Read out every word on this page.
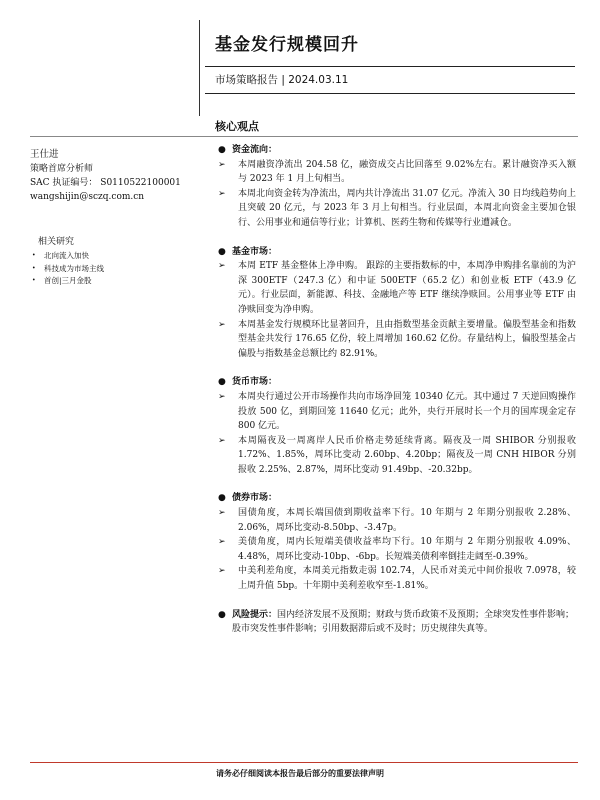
基金发行规模回升
市场策略报告 | 2024.03.11
核心观点
王仕进
策略首席分析师
SAC 执证编号： S0110522100001
wangshijin@sczq.com.cn
相关研究
•	北向流入加快
•	科技成为市场主线
•	首创|三月金股
● 资金流向：
➢	本周融资净流出 204.58 亿，融资成交占比回落至 9.02%左右。累计融资净买入额与 2023 年 1 月上旬相当。
➢	本周北向资金转为净流出，周内共计净流出 31.07 亿元。净流入 30 日均线趋势向上且突破 20 亿元，与 2023 年 3 月上旬相当。行业层面，本周北向资金主要加仓银行、公用事业和通信等行业；计算机、医药生物和传媒等行业遭减仓。
● 基金市场：
➢	本周 ETF 基金整体上净申购。 跟踪的主要指数标的中，本周净申购排名靠前的为沪深 300ETF（247.3 亿）和中证 500ETF（65.2 亿）和创业板 ETF（43.9 亿元）。行业层面，新能源、科技、金融地产等 ETF 继续净赎回。公用事业等 ETF 由净赎回变为净申购。
➢	本周基金发行规模环比显著回升，且由指数型基金贡献主要增量。偏股型基金和指数型基金共发行 176.65 亿份，较上周增加 160.62 亿份。存量结构上，偏股型基金占偏股与指数基金总额比约 82.91%。
● 货币市场：
➢	本周央行通过公开市场操作共向市场净回笼 10340 亿元。其中通过 7 天逆回购操作投放 500 亿，到期回笼 11640 亿元；此外，央行开展时长一个月的国库现金定存 800 亿元。
➢	本周隔夜及一周离岸人民币价格走势延续背离。隔夜及一周 SHIBOR 分别报收 1.72%、1.85%，周环比变动 2.60bp、4.20bp；隔夜及一周 CNH HIBOR 分别报收 2.25%、2.87%，周环比变动 91.49bp、-20.32bp。
● 债券市场：
➢	国债角度，本周长端国债到期收益率下行。10 年期与 2 年期分别报收 2.28%、2.06%，周环比变动-8.50bp、-3.47p。
➢	美债角度，周内长短端美债收益率均下行。10 年期与 2 年期分别报收 4.09%、4.48%，周环比变动-10bp、-6bp。长短端美债利率倒挂走阔至-0.39%。
➢	中美利差角度，本周美元指数走弱 102.74，人民币对美元中间价报收 7.0978，较上周升值 5bp。十年期中美利差收窄至-1.81%。
● 风险提示：国内经济发展不及预期；财政与货币政策不及预期；全球突发性事件影响；股市突发性事件影响；引用数据滞后或不及时；历史规律失真等。
请务必仔细阅读本报告最后部分的重要法律声明
